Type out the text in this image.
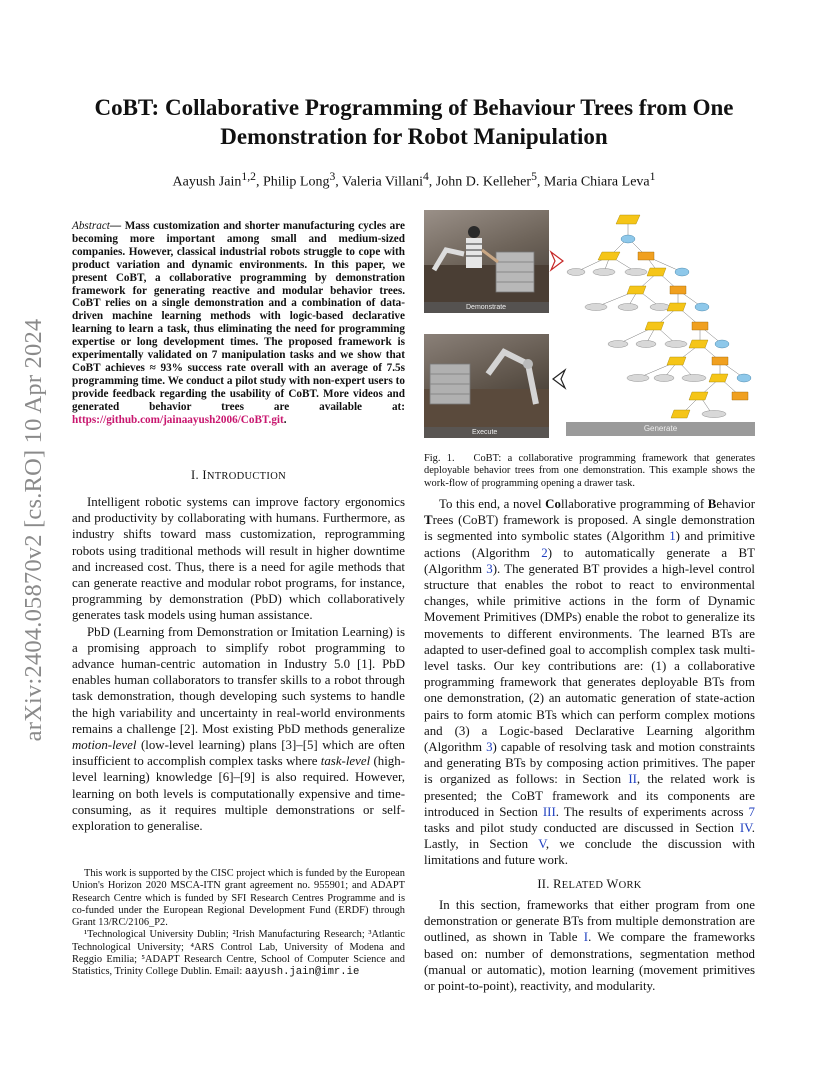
arXiv:2404.05870v2 [cs.RO] 10 Apr 2024
CoBT: Collaborative Programming of Behaviour Trees from One
Demonstration for Robot Manipulation
Aayush Jain$^{1,2}$, Philip Long$^3$, Valeria Villani$^4$, John D. Kelleher$^5$, Maria Chiara Leva$^1$
Abstract— Mass customization and shorter manufacturing cycles are becoming more important among small and medium-sized companies. However, classical industrial robots struggle to cope with product variation and dynamic environments. In this paper, we present CoBT, a collaborative programming by demonstration framework for generating reactive and modular behavior trees. CoBT relies on a single demonstration and a combination of data-driven machine learning methods with logic-based declarative learning to learn a task, thus eliminating the need for programming expertise or long development times. The proposed framework is experimentally validated on 7 manipulation tasks and we show that CoBT achieves ≈ 93% success rate overall with an average of 7.5s programming time. We conduct a pilot study with non-expert users to provide feedback regarding the usability of CoBT. More videos and generated behavior trees are available at: https://github.com/jainaayush2006/CoBT.git.
I. INTRODUCTION

Intelligent robotic systems can improve factory ergonomics and productivity by collaborating with humans. Furthermore, as industry shifts toward mass customization, reprogramming robots using traditional methods will result in higher downtime and increased cost. Thus, there is a need for agile methods that can generate reactive and modular robot programs, for instance, programming by demonstration (PbD) which collaboratively generates task models using human assistance.

PbD (Learning from Demonstration or Imitation Learning) is a promising approach to simplify robot programming to advance human-centric automation in Industry 5.0 [1]. PbD enables human collaborators to transfer skills to a robot through task demonstration, though developing such systems to handle the high variability and uncertainty in real-world environments remains a challenge [2]. Most existing PbD methods generalize motion-level (low-level learning) plans [3]–[5] which are often insufficient to accomplish complex tasks where task-level (high-level learning) knowledge [6]–[9] is also required. However, learning on both levels is computationally expensive and time-consuming, as it requires multiple demonstrations or self-exploration to generalise.

This work is supported by the CISC project which is funded by the European Union's Horizon 2020 MSCA-ITN grant agreement no. 955901; and ADAPT Research Centre which is funded by SFI Research Centres Programme and is co-funded under the European Regional Development Fund (ERDF) through Grant 13/RC/2106_P2.

¹Technological University Dublin; ²Irish Manufacturing Research; ³Atlantic Technological University; ⁴ARS Control Lab, University of Modena and Reggio Emilia; ⁵ADAPT Research Centre, School of Computer Science and Statistics, Trinity College Dublin. Email: aayush.jain@imr.ie

Demonstrate
Execute	Generate
Fig. 1. CoBT: a collaborative programming framework that generates deployable behavior trees from one demonstration. This example shows the work-flow of programming opening a drawer task.

To this end, a novel Collaborative programming of Behavior Trees (CoBT) framework is proposed. A single demonstration is segmented into symbolic states (Algorithm 1) and primitive actions (Algorithm 2) to automatically generate a BT (Algorithm 3). The generated BT provides a high-level control structure that enables the robot to react to environmental changes, while primitive actions in the form of Dynamic Movement Primitives (DMPs) enable the robot to generalize its movements to different environments. The learned BTs are adapted to user-defined goal to accomplish complex task multi-level tasks. Our key contributions are: (1) a collaborative programming framework that generates deployable BTs from one demonstration, (2) an automatic generation of state-action pairs to form atomic BTs which can perform complex motions and (3) a Logic-based Declarative Learning algorithm (Algorithm 3) capable of resolving task and motion constraints and generating BTs by composing action primitives. The paper is organized as follows: in Section II, the related work is presented; the CoBT framework and its components are introduced in Section III. The results of experiments across 7 tasks and pilot study conducted are discussed in Section IV. Lastly, in Section V, we conclude the discussion with limitations and future work.

II. RELATED WORK

In this section, frameworks that either program from one demonstration or generate BTs from multiple demonstration are outlined, as shown in Table I. We compare the frameworks based on: number of demonstrations, segmentation method (manual or automatic), motion learning (movement primitives or point-to-point), reactivity, and modularity.
